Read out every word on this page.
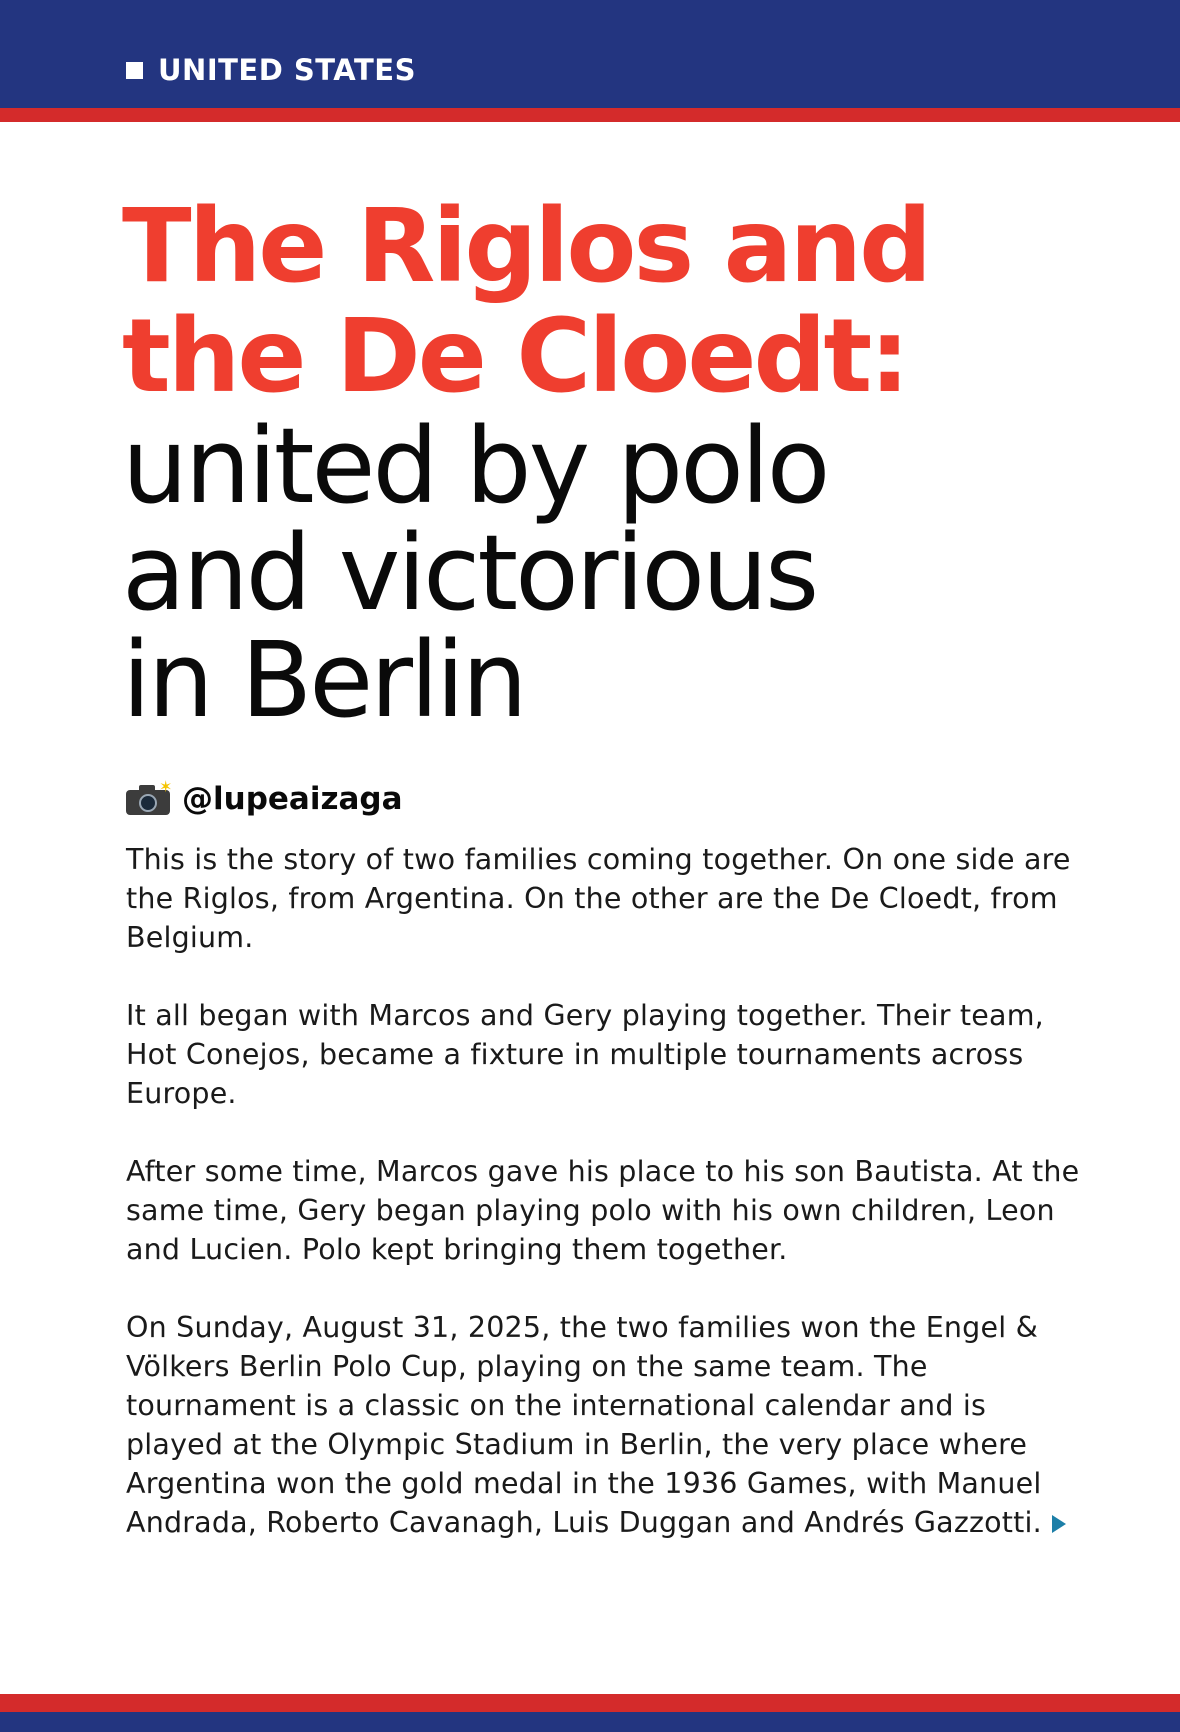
UNITED STATES
The Riglos and
the De Cloedt:
united by polo
and victorious
in Berlin
✶ @lupeaizaga

This is the story of two families coming together. On one side are the Riglos, from Argentina. On the other are the De Cloedt, from Belgium.

It all began with Marcos and Gery playing together. Their team, Hot Conejos, became a fixture in multiple tournaments across Europe.

After some time, Marcos gave his place to his son Bautista. At the same time, Gery began playing polo with his own children, Leon and Lucien. Polo kept bringing them together.

On Sunday, August 31, 2025, the two families won the Engel & Völkers Berlin Polo Cup, playing on the same team. The tournament is a classic on the international calendar and is played at the Olympic Stadium in Berlin, the very place where Argentina won the gold medal in the 1936 Games, with Manuel Andrada, Roberto Cavanagh, Luis Duggan and Andrés Gazzotti.
